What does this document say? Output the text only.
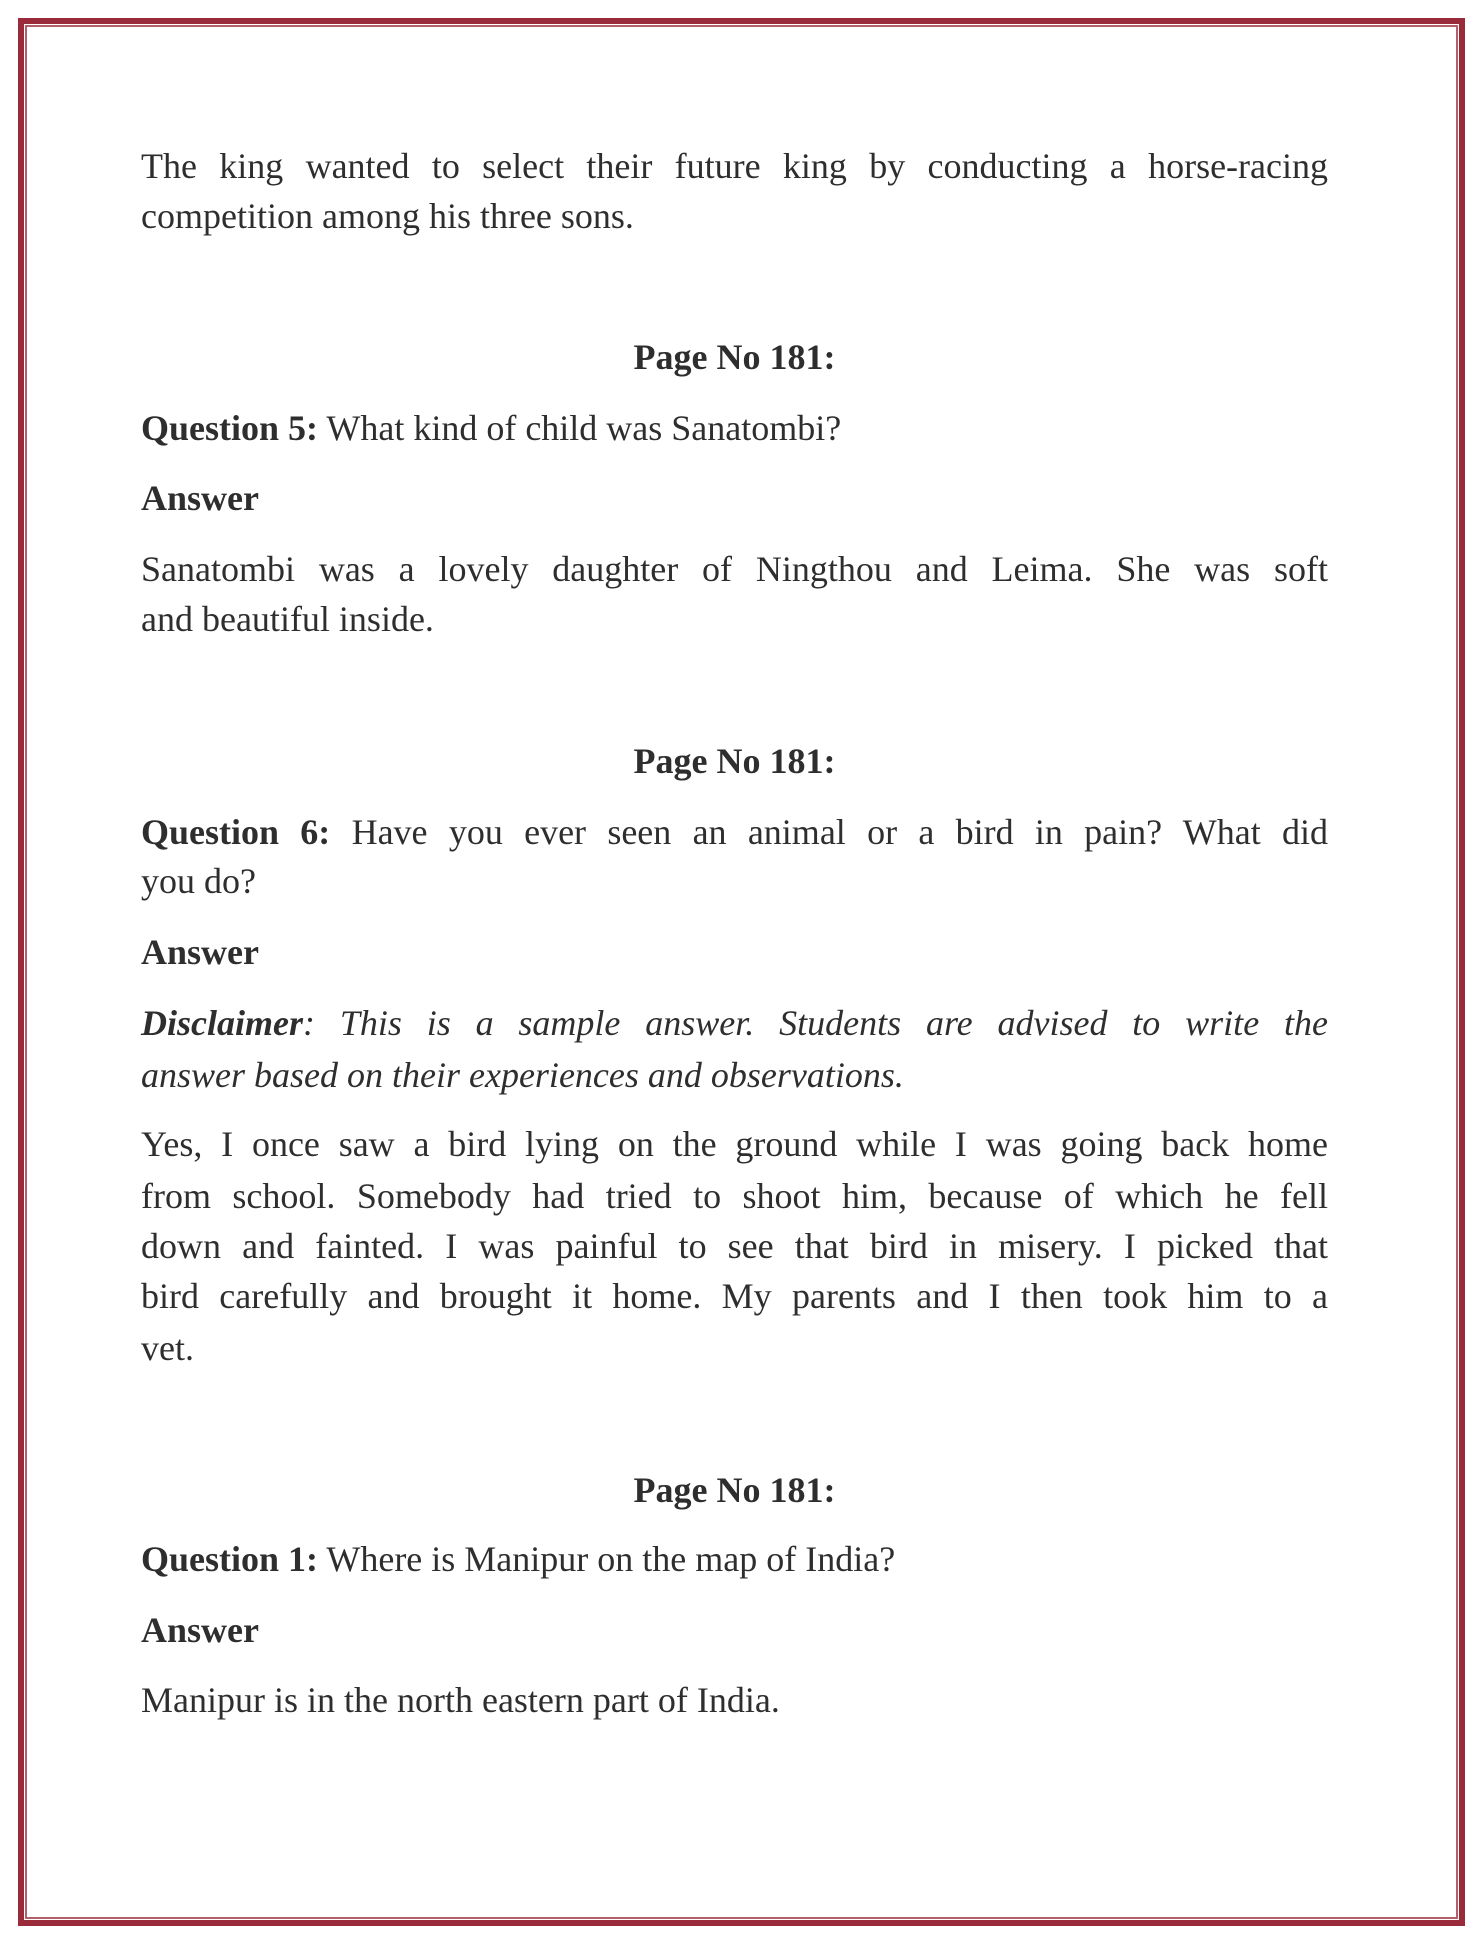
The king wanted to select their future king by conducting a horse-racing
competition among his three sons.
Page No 181:
Question 5: What kind of child was Sanatombi?
Answer
Sanatombi was a lovely daughter of Ningthou and Leima. She was soft
and beautiful inside.
Page No 181:
Question 6: Have you ever seen an animal or a bird in pain? What did
you do?
Answer
Disclaimer: This is a sample answer. Students are advised to write the
answer based on their experiences and observations.
Yes, I once saw a bird lying on the ground while I was going back home
from school. Somebody had tried to shoot him, because of which he fell
down and fainted. I was painful to see that bird in misery. I picked that
bird carefully and brought it home. My parents and I then took him to a
vet.
Page No 181:
Question 1: Where is Manipur on the map of India?
Answer
Manipur is in the north eastern part of India.
